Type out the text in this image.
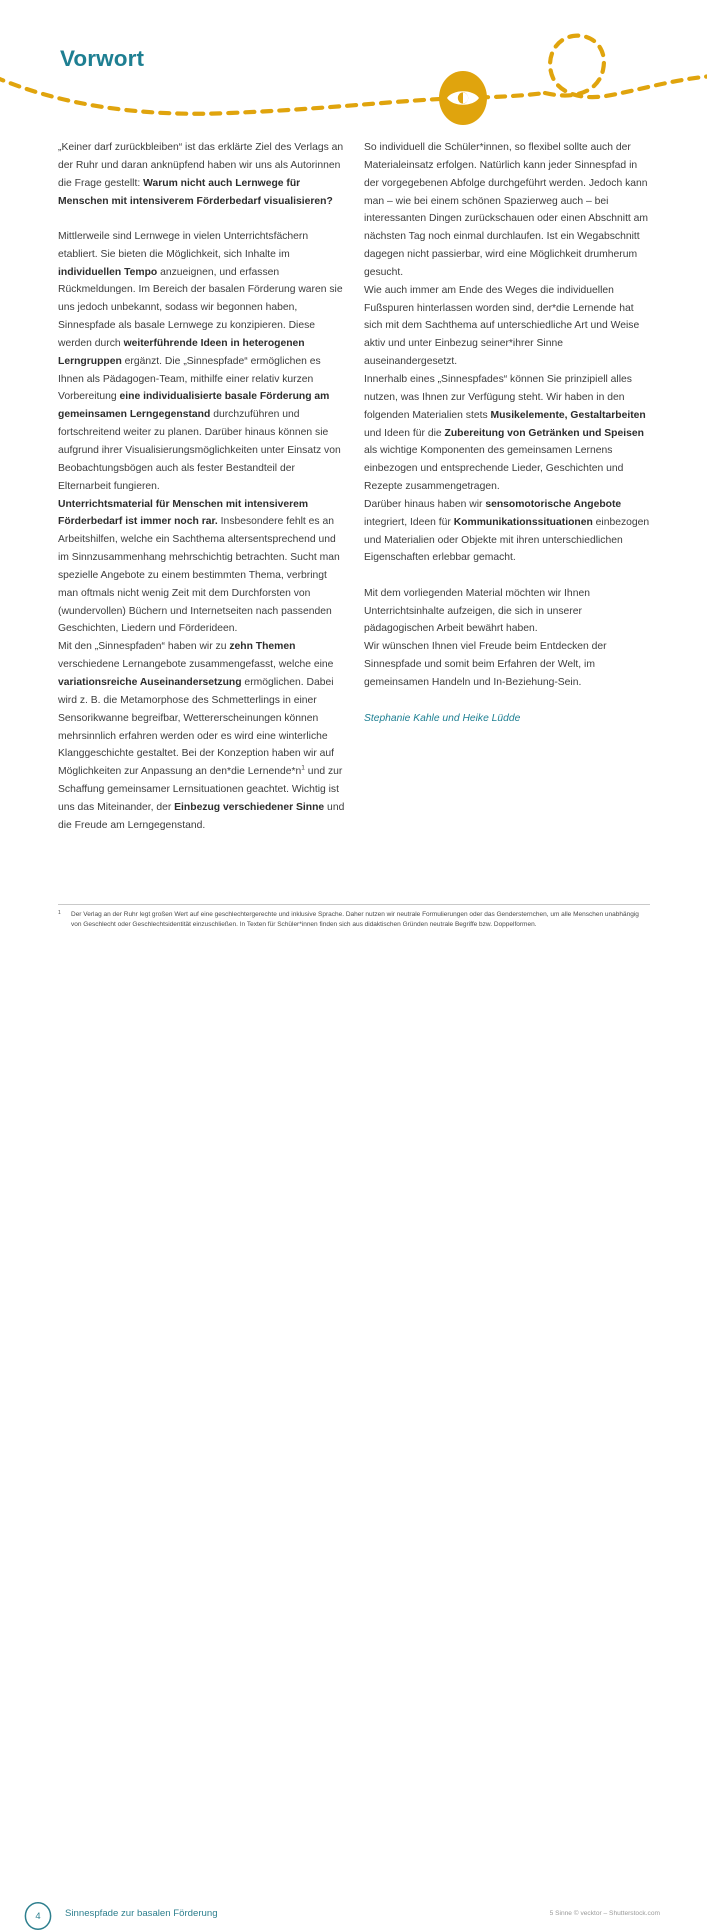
Vorwort
„Keiner darf zurückbleiben“ ist das erklärte Ziel des Verlags an der Ruhr und daran anknüpfend haben wir uns als Autorinnen die Frage gestellt: Warum nicht auch Lernwege für Menschen mit intensiverem Förderbedarf visualisieren?
Mittlerweile sind Lernwege in vielen Unterrichtsfächern etabliert. Sie bieten die Möglichkeit, sich Inhalte im individuellen Tempo anzueignen, und erfassen Rückmeldungen. Im Bereich der basalen Förderung waren sie uns jedoch unbekannt, sodass wir begonnen haben, Sinnespfade als basale Lernwege zu konzipieren. Diese werden durch weiterführende Ideen in heterogenen Lerngruppen ergänzt. Die „Sinnespfade“ ermöglichen es Ihnen als Pädagogen-Team, mithilfe einer relativ kurzen Vorbereitung eine individualisierte basale Förderung am gemeinsamen Lerngegenstand durchzuführen und fortschreitend weiter zu planen. Darüber hinaus können sie aufgrund ihrer Visualisierungsmöglichkeiten unter Einsatz von Beobachtungsbögen auch als fester Bestandteil der Elternarbeit fungieren.
Unterrichtsmaterial für Menschen mit intensiverem Förderbedarf ist immer noch rar. Insbesondere fehlt es an Arbeitshilfen, welche ein Sachthema altersentsprechend und im Sinnzusammenhang mehrschichtig betrachten. Sucht man spezielle Angebote zu einem bestimmten Thema, verbringt man oftmals nicht wenig Zeit mit dem Durchforsten von (wundervollen) Büchern und Internetseiten nach passenden Geschichten, Liedern und Förderideen.
Mit den „Sinnespfaden“ haben wir zu zehn Themen verschiedene Lernangebote zusammengefasst, welche eine variationsreiche Auseinandersetzung ermöglichen. Dabei wird z. B. die Metamorphose des Schmetterlings in einer Sensorikwanne begreifbar, Wettererscheinungen können mehrsinnlich erfahren werden oder es wird eine winterliche Klanggeschichte gestaltet. Bei der Konzeption haben wir auf Möglichkeiten zur Anpassung an den*die Lernende*n$^1$ und zur Schaffung gemeinsamer Lernsituationen geachtet. Wichtig ist uns das Miteinander, der Einbezug verschiedener Sinne und die Freude am Lerngegenstand.
So individuell die Schüler*innen, so flexibel sollte auch der Materialeinsatz erfolgen. Natürlich kann jeder Sinnespfad in der vorgegebenen Abfolge durchgeführt werden. Jedoch kann man – wie bei einem schönen Spazierweg auch – bei interessanten Dingen zurückschauen oder einen Abschnitt am nächsten Tag noch einmal durchlaufen. Ist ein Wegabschnitt dagegen nicht passierbar, wird eine Möglichkeit drumherum gesucht.
Wie auch immer am Ende des Weges die individuellen Fußspuren hinterlassen worden sind, der*die Lernende hat sich mit dem Sachthema auf unterschiedliche Art und Weise aktiv und unter Einbezug seiner*ihrer Sinne auseinandergesetzt.
Innerhalb eines „Sinnespfades“ können Sie prinzipiell alles nutzen, was Ihnen zur Verfügung steht. Wir haben in den folgenden Materialien stets Musikelemente, Gestaltarbeiten und Ideen für die Zubereitung von Getränken und Speisen als wichtige Komponenten des gemeinsamen Lernens einbezogen und entsprechende Lieder, Geschichten und Rezepte zusammengetragen.
Darüber hinaus haben wir sensomotorische Angebote integriert, Ideen für Kommunikationssituationen einbezogen und Materialien oder Objekte mit ihren unterschiedlichen Eigenschaften erlebbar gemacht.
Mit dem vorliegenden Material möchten wir Ihnen Unterrichtsinhalte aufzeigen, die sich in unserer pädagogischen Arbeit bewährt haben.
Wir wünschen Ihnen viel Freude beim Entdecken der Sinnespfade und somit beim Erfahren der Welt, im gemeinsamen Handeln und In-Beziehung-Sein.
Stephanie Kahle und Heike Lüdde
1 Der Verlag an der Ruhr legt großen Wert auf eine geschlechtergerechte und inklusive Sprache. Daher nutzen wir neutrale Formulierungen oder das Gendersternchen, um alle Menschen unabhängig von Geschlecht oder Geschlechtsidentität einzuschließen. In Texten für Schüler*innen finden sich aus didaktischen Gründen neutrale Begriffe bzw. Doppelformen.
4	Sinnespfade zur basalen Förderung	5 Sinne © vecktor – Shutterstock.com
